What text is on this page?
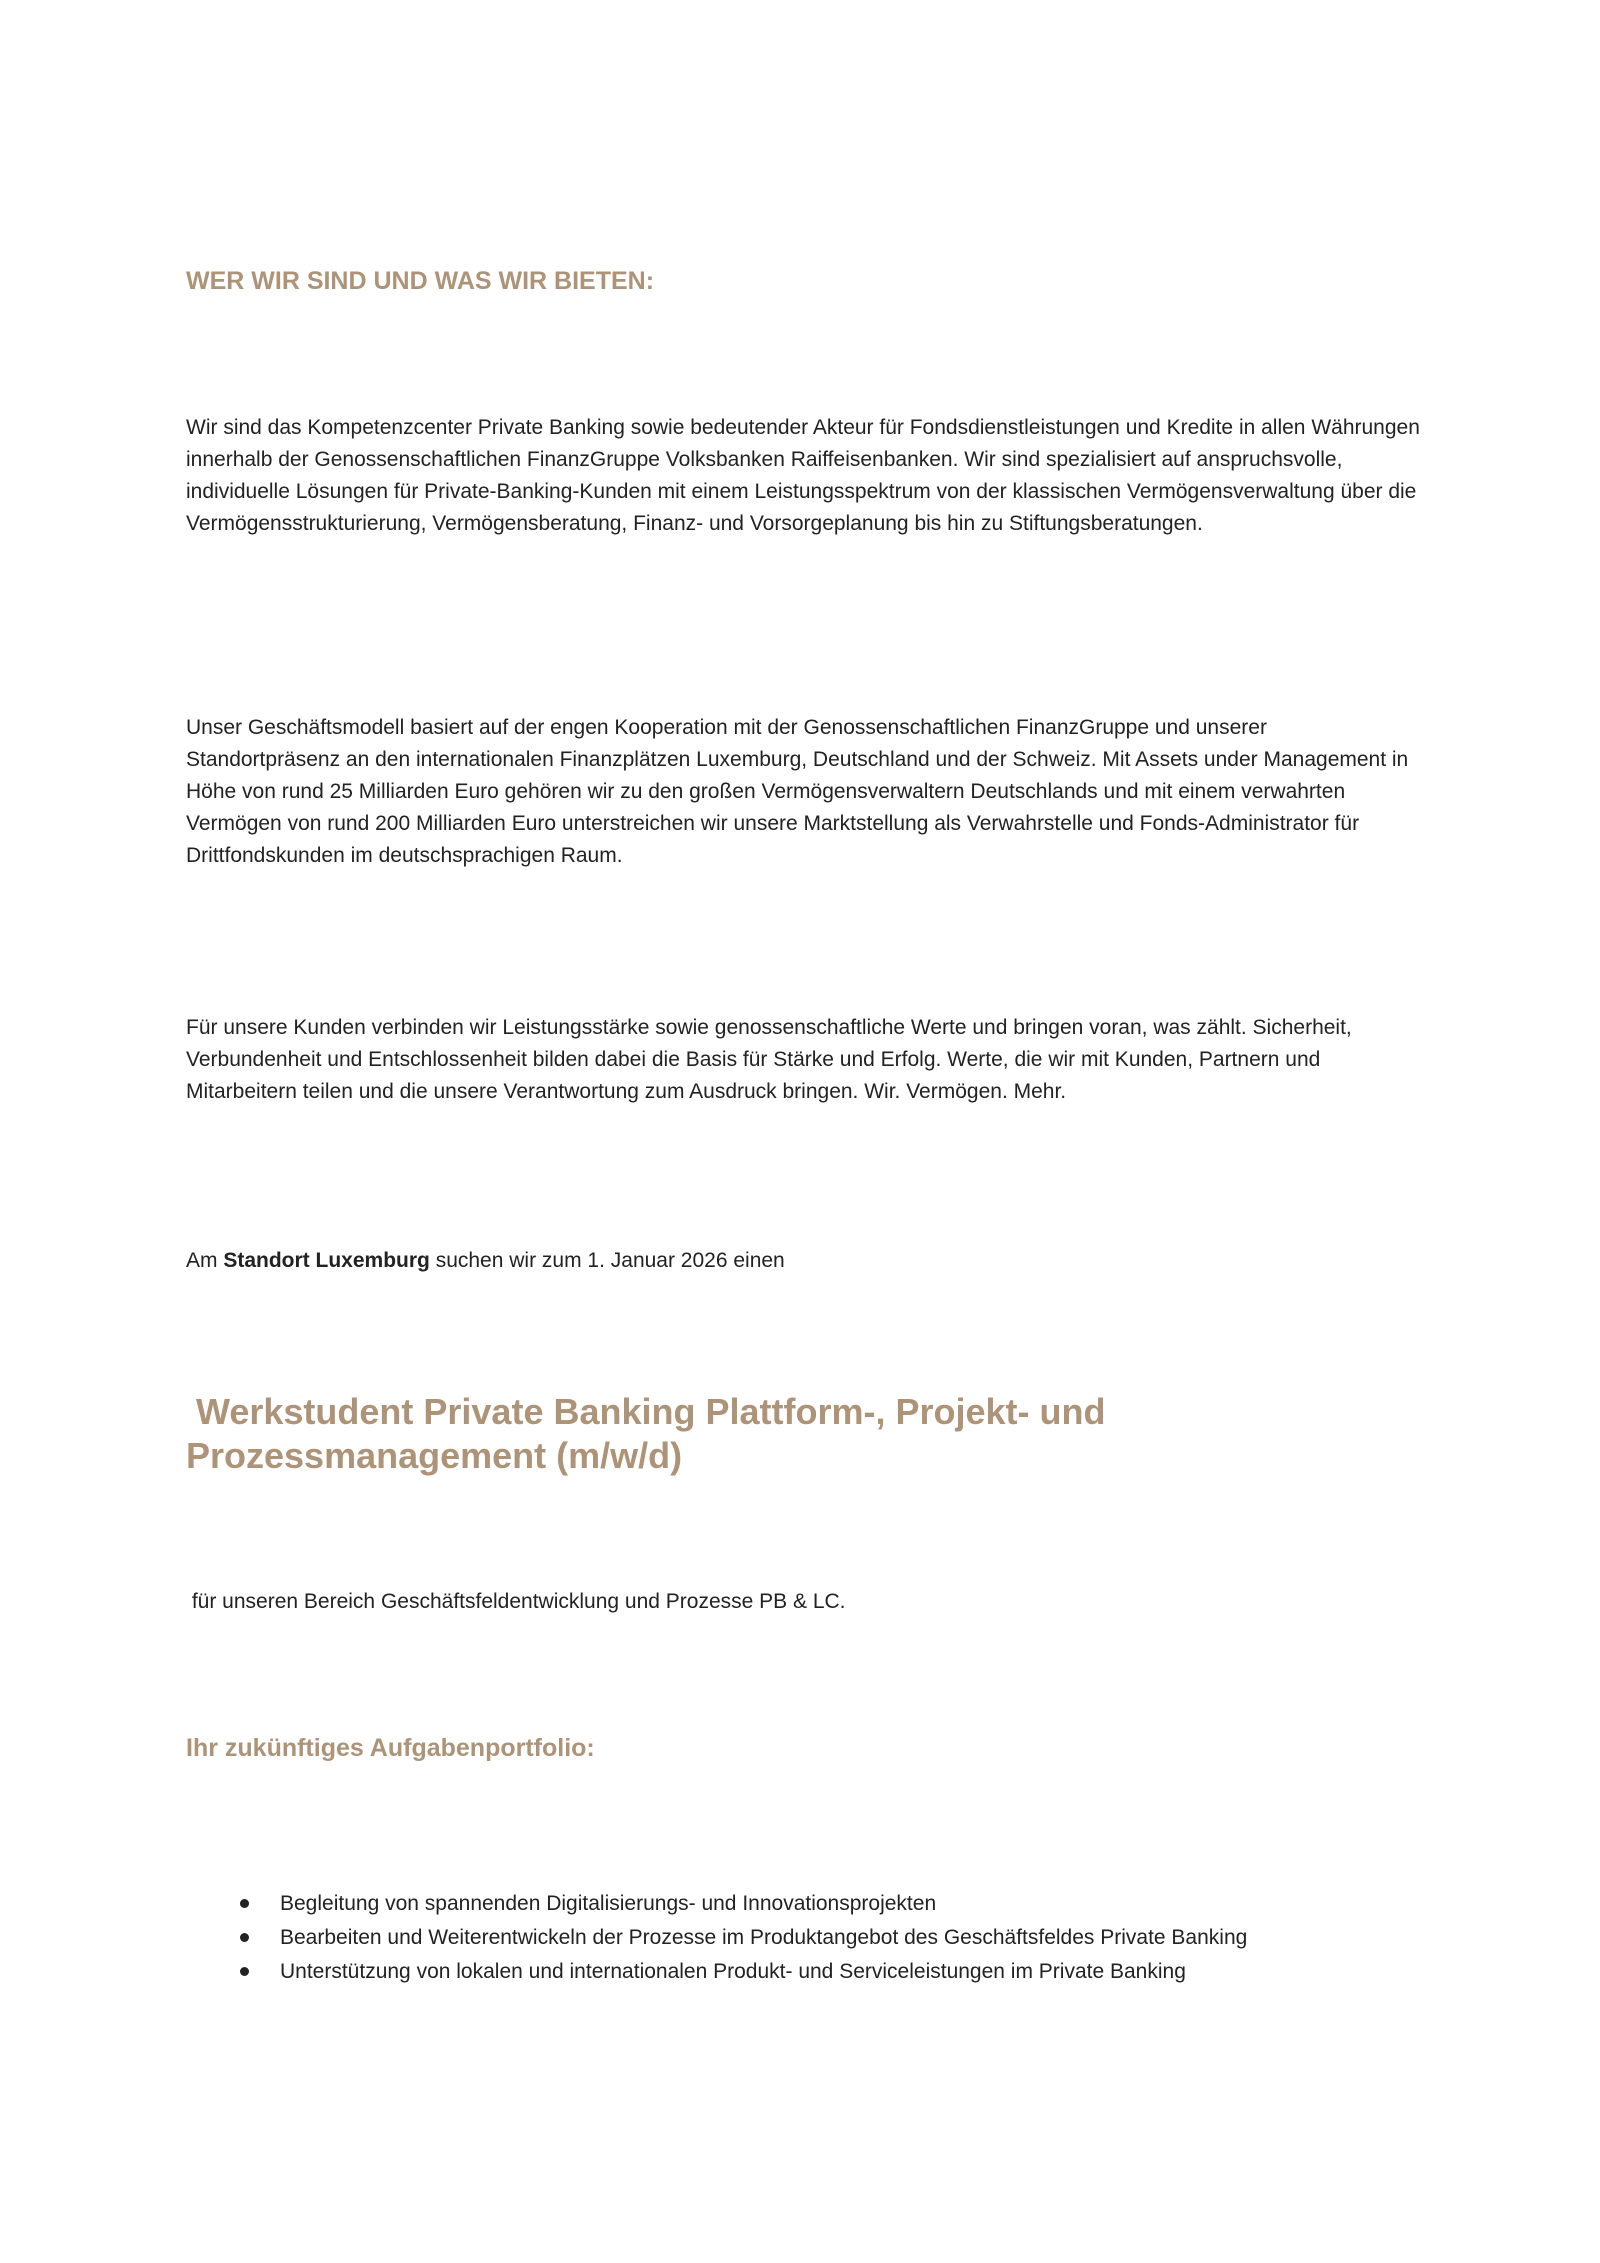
WER WIR SIND UND WAS WIR BIETEN:

Wir sind das Kompetenzcenter Private Banking sowie bedeutender Akteur für Fondsdienstleistungen und Kredite in allen Währungen innerhalb der Genossenschaftlichen FinanzGruppe Volksbanken Raiffeisenbanken. Wir sind spezialisiert auf anspruchsvolle, individuelle Lösungen für Private-Banking-Kunden mit einem Leistungsspektrum von der klassischen Vermögensverwaltung über die Vermögensstrukturierung, Vermögensberatung, Finanz- und Vorsorgeplanung bis hin zu Stiftungsberatungen.

Unser Geschäftsmodell basiert auf der engen Kooperation mit der Genossenschaftlichen FinanzGruppe und unserer Standortpräsenz an den internationalen Finanzplätzen Luxemburg, Deutschland und der Schweiz. Mit Assets under Management in Höhe von rund 25 Milliarden Euro gehören wir zu den großen Vermögensverwaltern Deutschlands und mit einem verwahrten Vermögen von rund 200 Milliarden Euro unterstreichen wir unsere Marktstellung als Verwahrstelle und Fonds-Administrator für Drittfondskunden im deutschsprachigen Raum.

Für unsere Kunden verbinden wir Leistungsstärke sowie genossenschaftliche Werte und bringen voran, was zählt. Sicherheit, Verbundenheit und Entschlossenheit bilden dabei die Basis für Stärke und Erfolg. Werte, die wir mit Kunden, Partnern und Mitarbeitern teilen und die unsere Verantwortung zum Ausdruck bringen. Wir. Vermögen. Mehr.

Am Standort Luxemburg suchen wir zum 1. Januar 2026 einen

Werkstudent Private Banking Plattform-, Projekt- und Prozessmanagement (m/w/d)

für unseren Bereich Geschäftsfeldentwicklung und Prozesse PB & LC.

Ihr zukünftiges Aufgabenportfolio:
Begleitung von spannenden Digitalisierungs- und Innovationsprojekten
Bearbeiten und Weiterentwickeln der Prozesse im Produktangebot des Geschäftsfeldes Private Banking
Unterstützung von lokalen und internationalen Produkt- und Serviceleistungen im Private Banking
